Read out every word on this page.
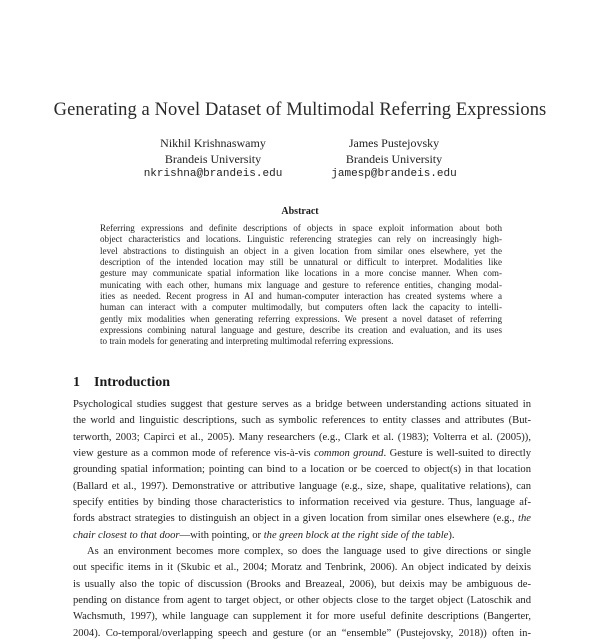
Generating a Novel Dataset of Multimodal Referring Expressions
Nikhil Krishnaswamy
Brandeis University
nkrishna@brandeis.edu
James Pustejovsky
Brandeis University
jamesp@brandeis.edu
Abstract
Referring expressions and definite descriptions of objects in space exploit information about both
object characteristics and locations. Linguistic referencing strategies can rely on increasingly high-
level abstractions to distinguish an object in a given location from similar ones elsewhere, yet the
description of the intended location may still be unnatural or difficult to interpret. Modalities like
gesture may communicate spatial information like locations in a more concise manner. When com-
municating with each other, humans mix language and gesture to reference entities, changing modal-
ities as needed. Recent progress in AI and human-computer interaction has created systems where a
human can interact with a computer multimodally, but computers often lack the capacity to intelli-
gently mix modalities when generating referring expressions. We present a novel dataset of referring
expressions combining natural language and gesture, describe its creation and evaluation, and its uses
to train models for generating and interpreting multimodal referring expressions.
1 Introduction
Psychological studies suggest that gesture serves as a bridge between understanding actions situated in
the world and linguistic descriptions, such as symbolic references to entity classes and attributes (But-
terworth, 2003; Capirci et al., 2005). Many researchers (e.g., Clark et al. (1983); Volterra et al. (2005)),
view gesture as a common mode of reference vis-à-vis common ground. Gesture is well-suited to directly
grounding spatial information; pointing can bind to a location or be coerced to object(s) in that location
(Ballard et al., 1997). Demonstrative or attributive language (e.g., size, shape, qualitative relations), can
specify entities by binding those characteristics to information received via gesture. Thus, language af-
fords abstract strategies to distinguish an object in a given location from similar ones elsewhere (e.g., the
chair closest to that door—with pointing, or the green block at the right side of the table).
As an environment becomes more complex, so does the language used to give directions or single
out specific items in it (Skubic et al., 2004; Moratz and Tenbrink, 2006). An object indicated by deixis
is usually also the topic of discussion (Brooks and Breazeal, 2006), but deixis may be ambiguous de-
pending on distance from agent to target object, or other objects close to the target object (Latoschik and
Wachsmuth, 1997), while language can supplement it for more useful definite descriptions (Bangerter,
2004). Co-temporal/overlapping speech and gesture (or an “ensemble” (Pustejovsky, 2018)) often in-
